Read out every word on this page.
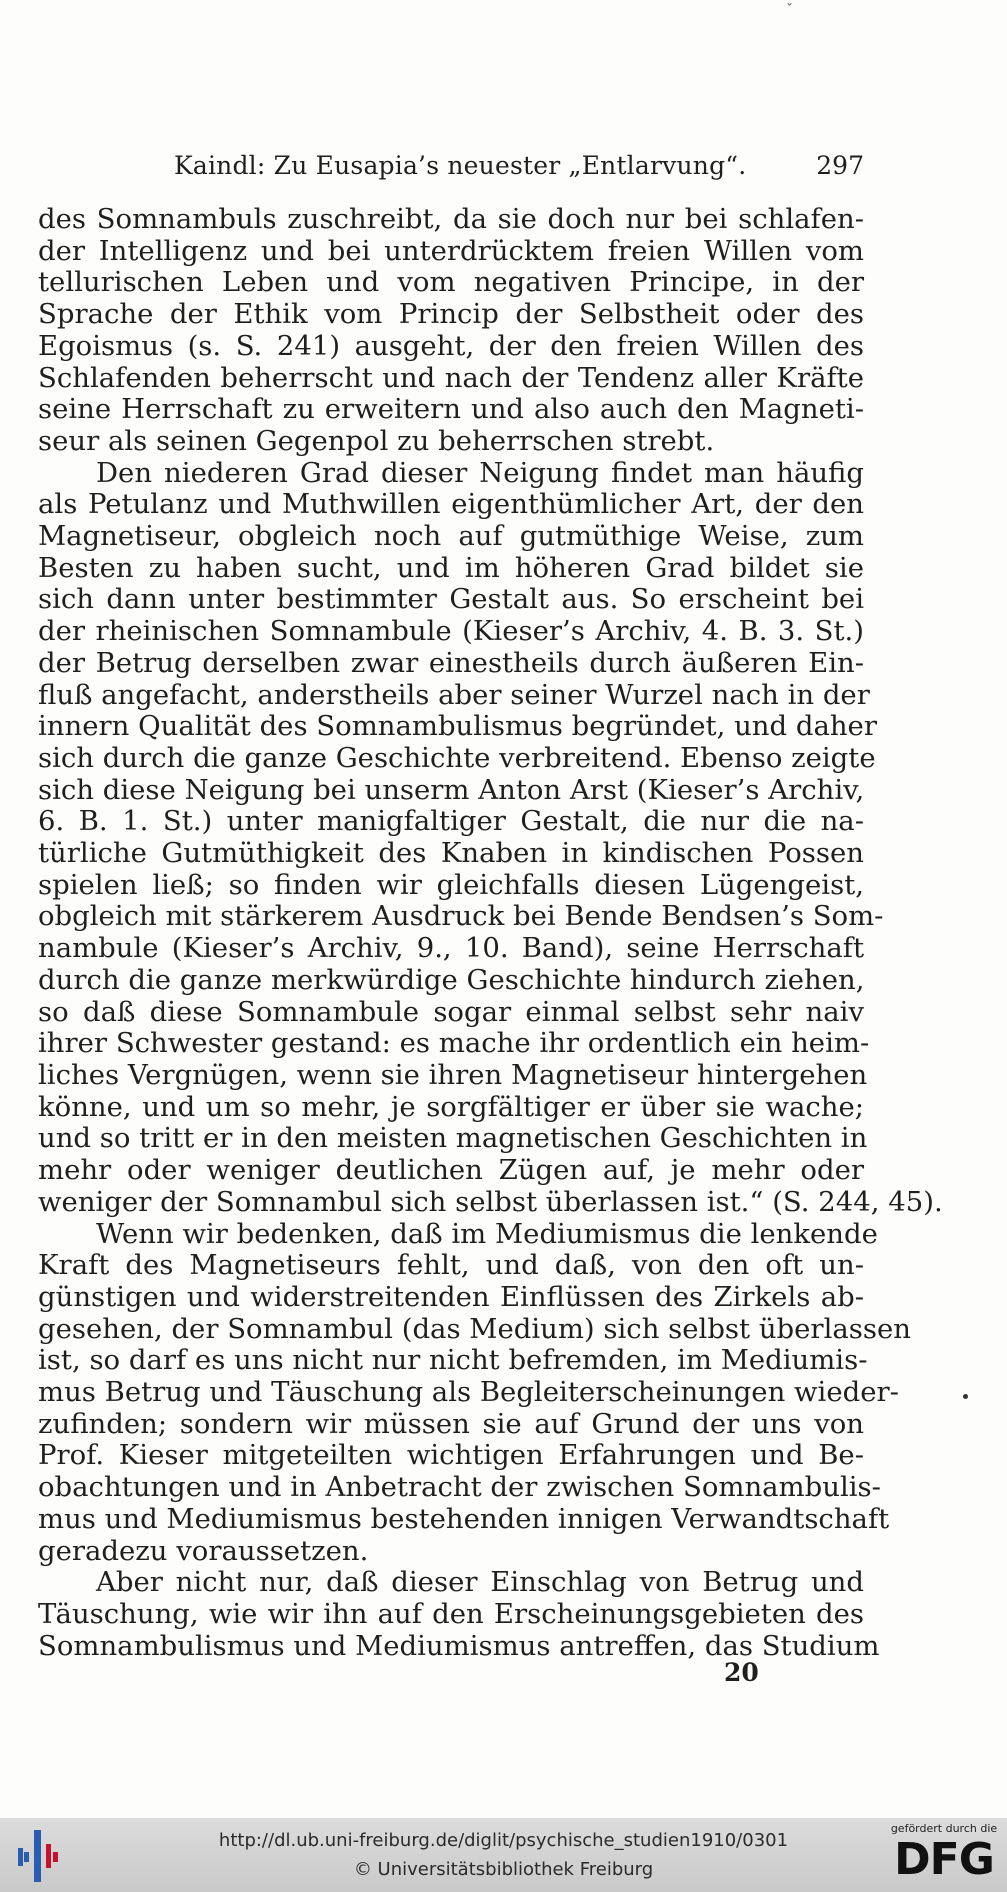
ˇ
Kaindl: Zu Eusapia’s neuester „Entlarvung“.	297

des Somnambuls zuschreibt, da sie doch nur bei schlafen-
der Intelligenz und bei unterdrücktem freien Willen vom
tellurischen Leben und vom negativen Principe, in der
Sprache der Ethik vom Princip der Selbstheit oder des
Egoismus (s. S. 241) ausgeht, der den freien Willen des
Schlafenden beherrscht und nach der Tendenz aller Kräfte
seine Herrschaft zu erweitern und also auch den Magneti-
seur als seinen Gegenpol zu beherrschen strebt.

Den niederen Grad dieser Neigung findet man häufig
als Petulanz und Muthwillen eigenthümlicher Art, der den
Magnetiseur, obgleich noch auf gutmüthige Weise, zum
Besten zu haben sucht, und im höheren Grad bildet sie
sich dann unter bestimmter Gestalt aus. So erscheint bei
der rheinischen Somnambule (Kieser’s Archiv, 4. B. 3. St.)
der Betrug derselben zwar einestheils durch äußeren Ein-
fluß angefacht, anderstheils aber seiner Wurzel nach in der
innern Qualität des Somnambulismus begründet, und daher
sich durch die ganze Geschichte verbreitend. Ebenso zeigte
sich diese Neigung bei unserm Anton Arst (Kieser’s Archiv,
6. B. 1. St.) unter manigfaltiger Gestalt, die nur die na-
türliche Gutmüthigkeit des Knaben in kindischen Possen
spielen ließ; so finden wir gleichfalls diesen Lügengeist,
obgleich mit stärkerem Ausdruck bei Bende Bendsen’s Som-
nambule (Kieser’s Archiv, 9., 10. Band), seine Herrschaft
durch die ganze merkwürdige Geschichte hindurch ziehen,
so daß diese Somnambule sogar einmal selbst sehr naiv
ihrer Schwester gestand: es mache ihr ordentlich ein heim-
liches Vergnügen, wenn sie ihren Magnetiseur hintergehen
könne, und um so mehr, je sorgfältiger er über sie wache;
und so tritt er in den meisten magnetischen Geschichten in
mehr oder weniger deutlichen Zügen auf, je mehr oder
weniger der Somnambul sich selbst überlassen ist.“ (S. 244, 45).

Wenn wir bedenken, daß im Mediumismus die lenkende
Kraft des Magnetiseurs fehlt, und daß, von den oft un-
günstigen und widerstreitenden Einflüssen des Zirkels ab-
gesehen, der Somnambul (das Medium) sich selbst überlassen
ist, so darf es uns nicht nur nicht befremden, im Mediumis-
mus Betrug und Täuschung als Begleiterscheinungen wieder-
zufinden; sondern wir müssen sie auf Grund der uns von
Prof. Kieser mitgeteilten wichtigen Erfahrungen und Be-
obachtungen und in Anbetracht der zwischen Somnambulis-
mus und Mediumismus bestehenden innigen Verwandtschaft
geradezu voraussetzen.

Aber nicht nur, daß dieser Einschlag von Betrug und
Täuschung, wie wir ihn auf den Erscheinungsgebieten des
Somnambulismus und Mediumismus antreffen, das Studium

20
http://dl.ub.uni-freiburg.de/diglit/psychische_studien1910/0301
© Universitätsbibliothek Freiburg
gefördert durch die
DFG
